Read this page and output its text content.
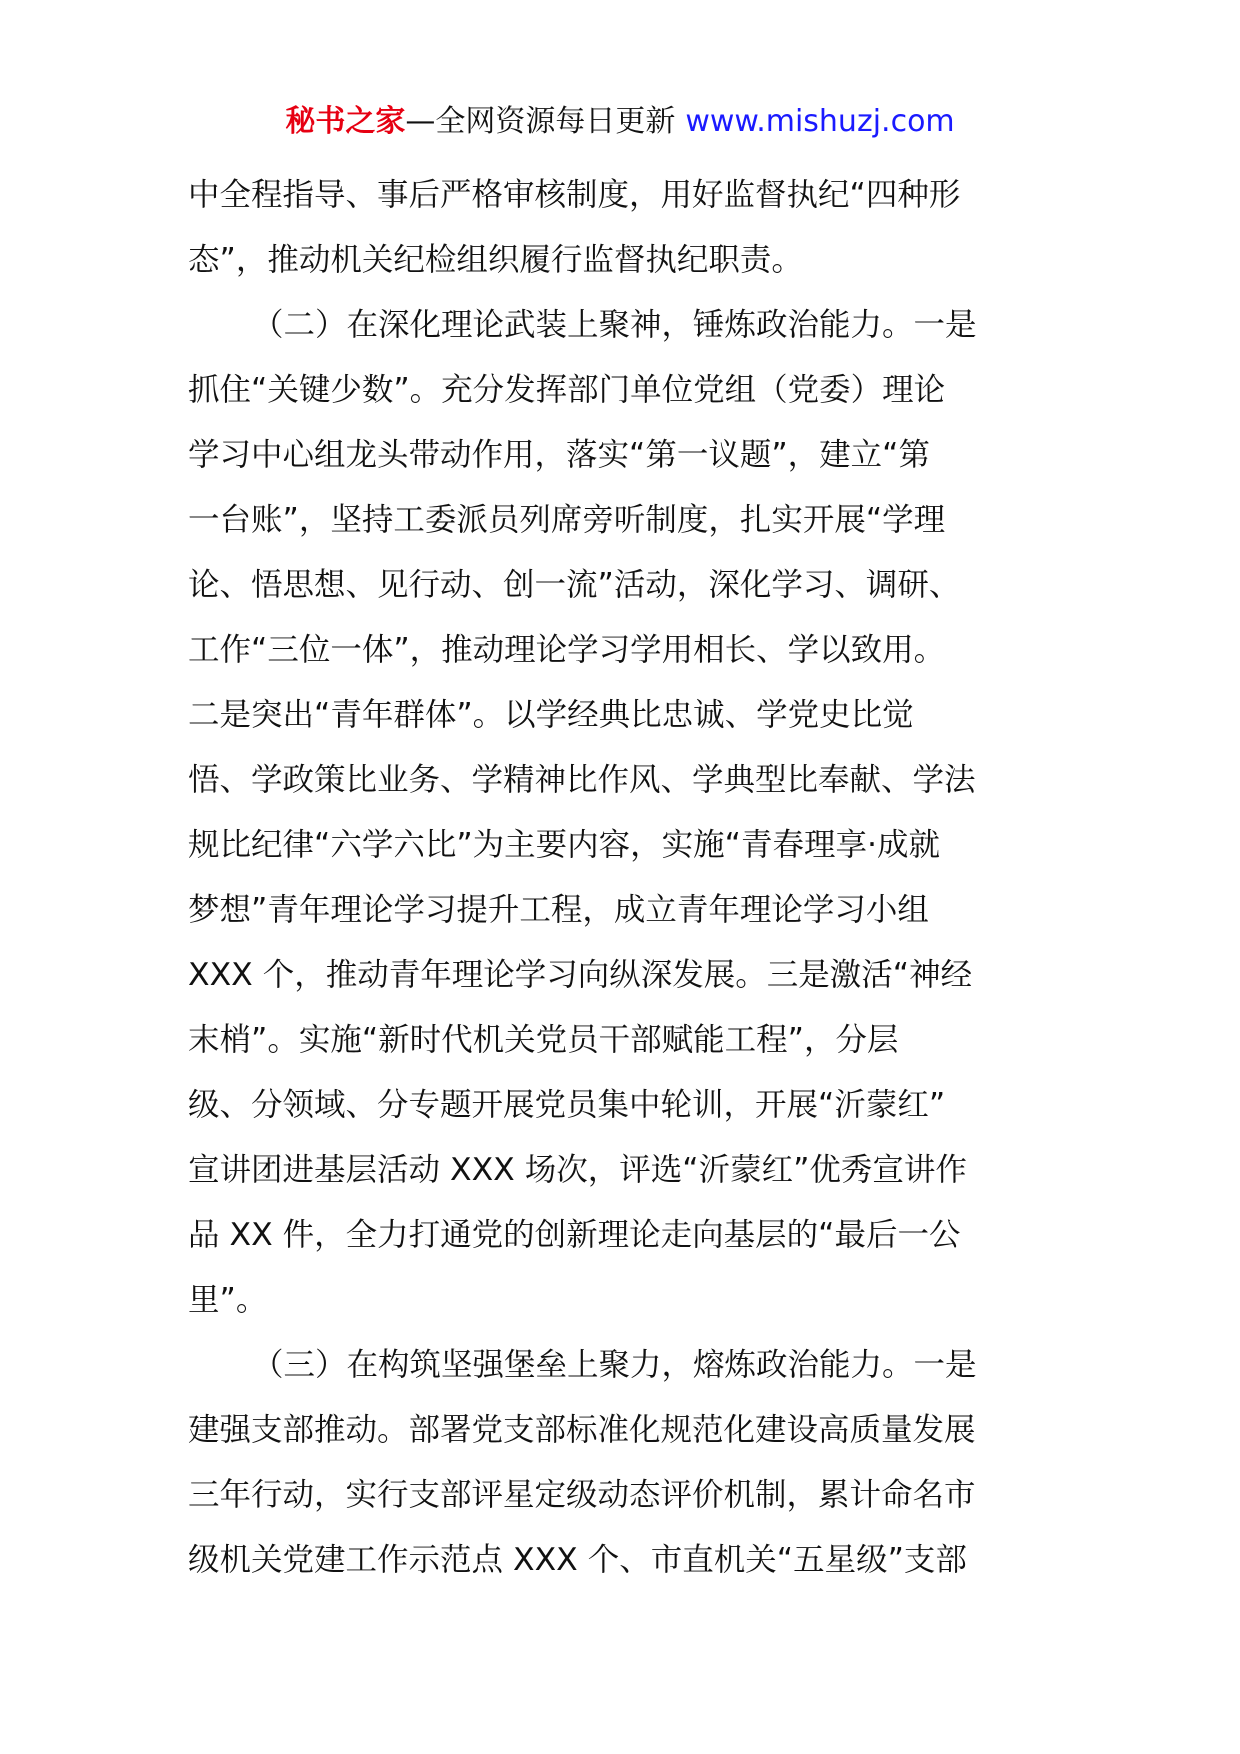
秘书之家—全网资源每日更新 www.mishuzj.com
中全程指导、事后严格审核制度，用好监督执纪“四种形
态”，推动机关纪检组织履行监督执纪职责。
（二）在深化理论武装上聚神，锤炼政治能力。一是
抓住“关键少数”。充分发挥部门单位党组（党委）理论
学习中心组龙头带动作用，落实“第一议题”，建立“第
一台账”，坚持工委派员列席旁听制度，扎实开展“学理
论、悟思想、见行动、创一流”活动，深化学习、调研、
工作“三位一体”，推动理论学习学用相长、学以致用。
二是突出“青年群体”。以学经典比忠诚、学党史比觉
悟、学政策比业务、学精神比作风、学典型比奉献、学法
规比纪律“六学六比”为主要内容，实施“青春理享·成就
梦想”青年理论学习提升工程，成立青年理论学习小组
XXX 个，推动青年理论学习向纵深发展。三是激活“神经
末梢”。实施“新时代机关党员干部赋能工程”，分层
级、分领域、分专题开展党员集中轮训，开展“沂蒙红”
宣讲团进基层活动 XXX 场次，评选“沂蒙红”优秀宣讲作
品 XX 件，全力打通党的创新理论走向基层的“最后一公
里”。
（三）在构筑坚强堡垒上聚力，熔炼政治能力。一是
建强支部推动。部署党支部标准化规范化建设高质量发展
三年行动，实行支部评星定级动态评价机制，累计命名市
级机关党建工作示范点 XXX 个、市直机关“五星级”支部
